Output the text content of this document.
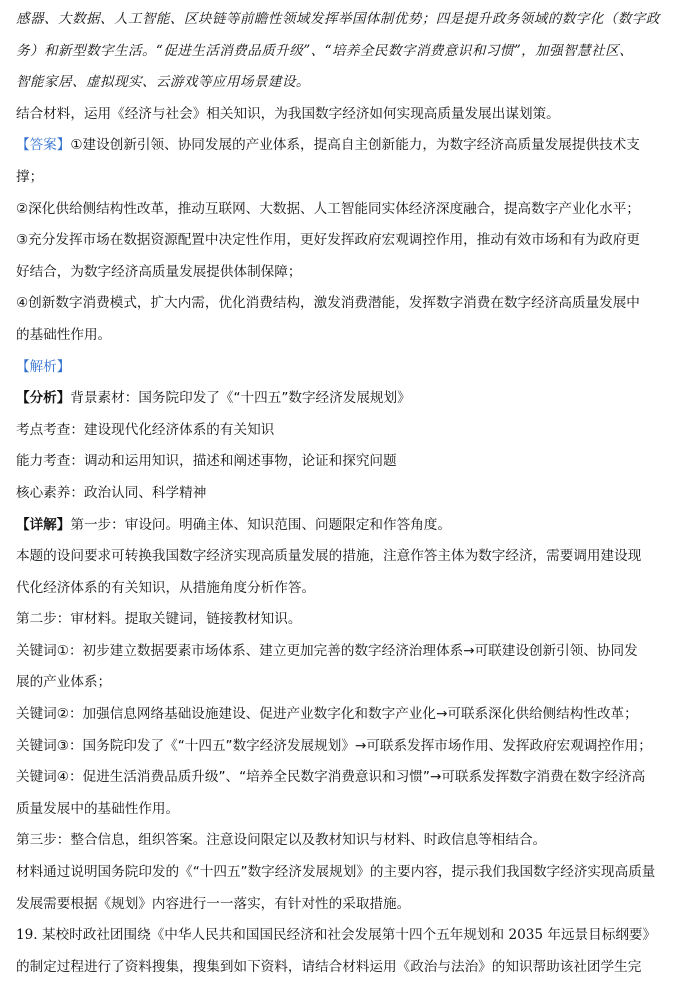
感器、大数据、人工智能、区块链等前瞻性领域发挥举国体制优势；四是提升政务领域的数字化（数字政
务）和新型数字生活。“促进生活消费品质升级”、“培养全民数字消费意识和习惯”，加强智慧社区、
智能家居、虚拟现实、云游戏等应用场景建设。
结合材料，运用《经济与社会》相关知识，为我国数字经济如何实现高质量发展出谋划策。
【答案】①建设创新引领、协同发展的产业体系，提高自主创新能力，为数字经济高质量发展提供技术支
撑；
②深化供给侧结构性改革，推动互联网、大数据、人工智能同实体经济深度融合，提高数字产业化水平；
③充分发挥市场在数据资源配置中决定性作用，更好发挥政府宏观调控作用，推动有效市场和有为政府更
好结合，为数字经济高质量发展提供体制保障；
④创新数字消费模式，扩大内需，优化消费结构，激发消费潜能，发挥数字消费在数字经济高质量发展中
的基础性作用。
【解析】
【分析】背景素材：国务院印发了《“十四五”数字经济发展规划》
考点考查：建设现代化经济体系的有关知识
能力考查：调动和运用知识，描述和阐述事物，论证和探究问题
核心素养：政治认同、科学精神
【详解】第一步：审设问。明确主体、知识范围、问题限定和作答角度。
本题的设问要求可转换我国数字经济实现高质量发展的措施，注意作答主体为数字经济，需要调用建设现
代化经济体系的有关知识，从措施角度分析作答。
第二步：审材料。提取关键词，链接教材知识。
关键词①：初步建立数据要素市场体系、建立更加完善的数字经济治理体系→可联建设创新引领、协同发
展的产业体系；
关键词②：加强信息网络基础设施建设、促进产业数字化和数字产业化→可联系深化供给侧结构性改革；
关键词③：国务院印发了《“十四五”数字经济发展规划》→可联系发挥市场作用、发挥政府宏观调控作用；
关键词④：促进生活消费品质升级”、“培养全民数字消费意识和习惯”→可联系发挥数字消费在数字经济高
质量发展中的基础性作用。
第三步：整合信息，组织答案。注意设问限定以及教材知识与材料、时政信息等相结合。
材料通过说明国务院印发的《“十四五”数字经济发展规划》的主要内容，提示我们我国数字经济实现高质量
发展需要根据《规划》内容进行一一落实，有针对性的采取措施。
19. 某校时政社团围绕《中华人民共和国国民经济和社会发展第十四个五年规划和 2035 年远景目标纲要》
的制定过程进行了资料搜集，搜集到如下资料，请结合材料运用《政治与法治》的知识帮助该社团学生完
